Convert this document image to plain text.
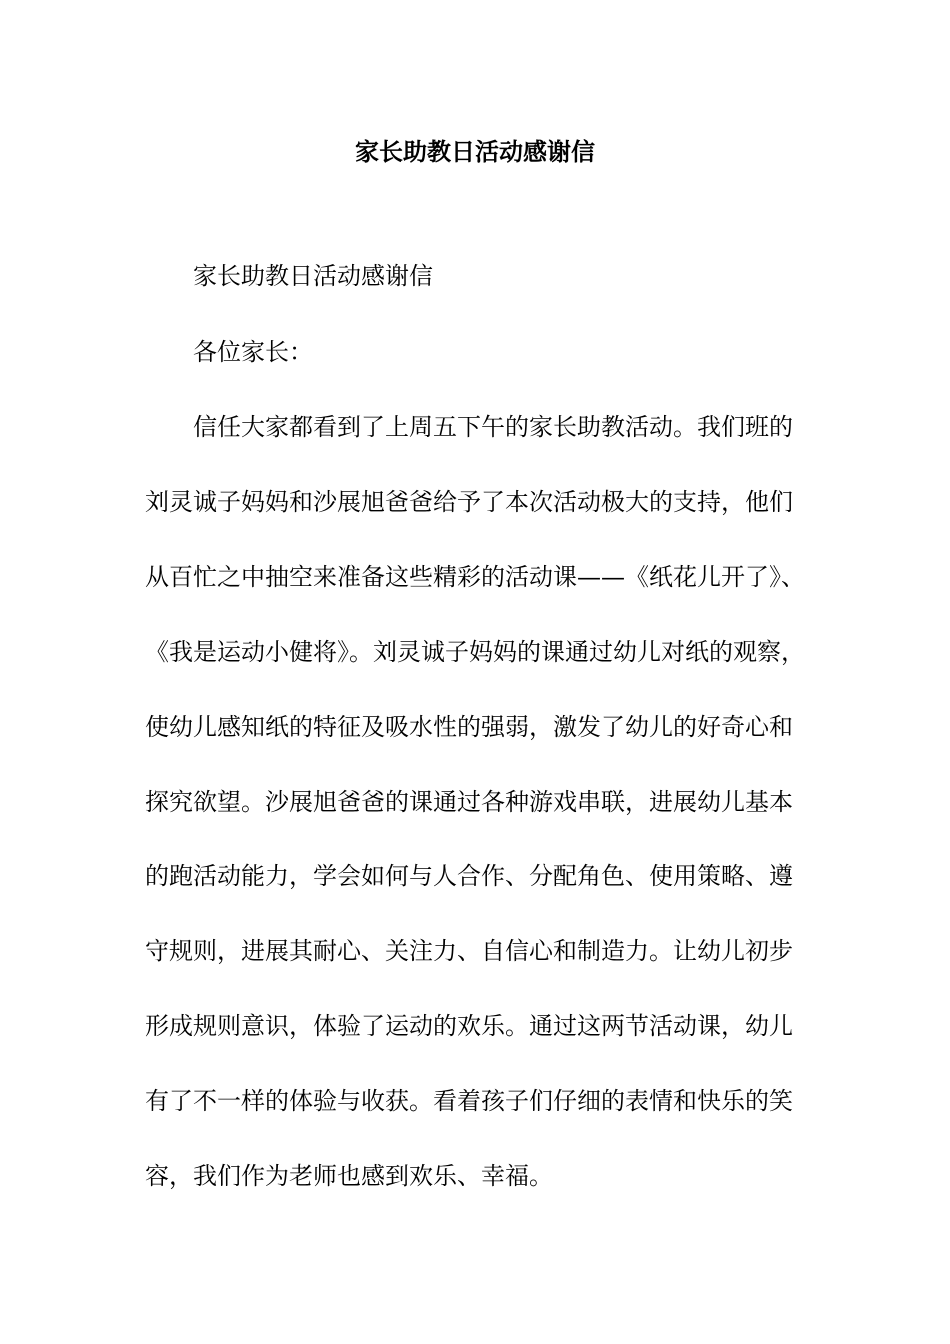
家长助教日活动感谢信
家长助教日活动感谢信
各位家长：
信任大家都看到了上周五下午的家长助教活动。我们班的
刘灵诚子妈妈和沙展旭爸爸给予了本次活动极大的支持，他们
从百忙之中抽空来准备这些精彩的活动课——《纸花儿开了》、
《我是运动小健将》。刘灵诚子妈妈的课通过幼儿对纸的观察，
使幼儿感知纸的特征及吸水性的强弱，激发了幼儿的好奇心和
探究欲望。沙展旭爸爸的课通过各种游戏串联，进展幼儿基本
的跑活动能力，学会如何与人合作、分配角色、使用策略、遵
守规则，进展其耐心、关注力、自信心和制造力。让幼儿初步
形成规则意识，体验了运动的欢乐。通过这两节活动课，幼儿
有了不一样的体验与收获。看着孩子们仔细的表情和快乐的笑
容，我们作为老师也感到欢乐、幸福。
